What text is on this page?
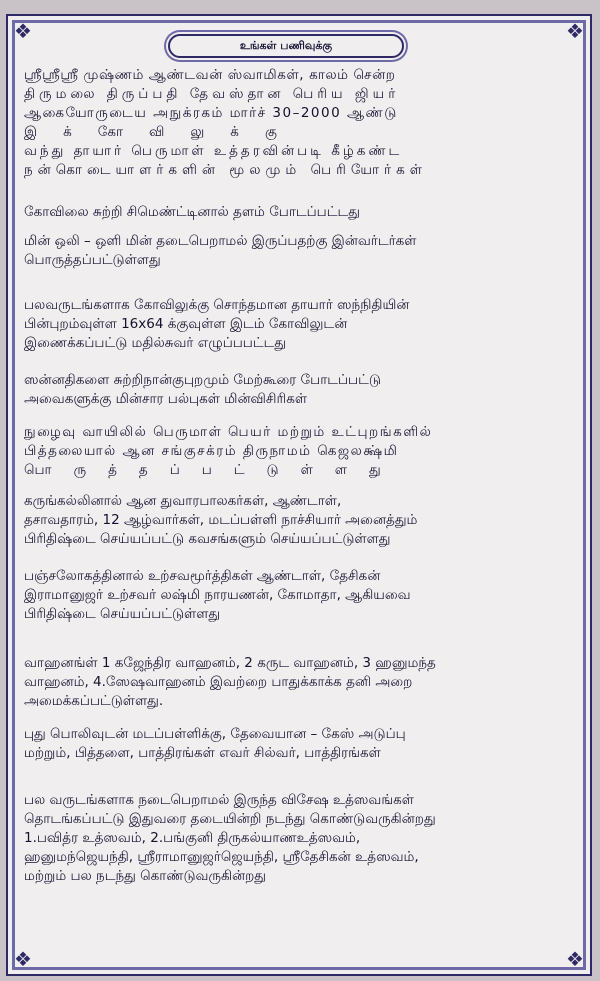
❖	❖
❖	❖
உங்கள் பணிவுக்கு
ஸ்ரீஸ்ரீஸ்ரீ முஷ்ணம் ஆண்டவன் ஸ்வாமிகள், காலம் சென்ற
திருமலை திருப்பதி தேவஸ்தான பெரிய ஜியர்
ஆகையோருடைய அநுக்ரகம் மார்ச் 30–2000 ஆண்டு
இக்கோவிலுக்கு
வந்து தாயார் பெருமாள் உத்தரவின்படி கீழ்கண்ட
நன்கொடையாளர்களின் மூலமும் பெரியோர்கள்
கோவிலை சுற்றி சிமெண்ட்டினால் தளம் போடப்பட்டது
மின் ஒலி – ஒளி மின் தடைபெறாமல் இருப்பதற்கு இன்வர்டர்கள்
பொருத்தப்பட்டுள்ளது
பலவருடங்களாக கோவிலுக்கு சொந்தமான தாயார் ஸந்நிதியின்
பின்புறம்வுள்ள 16x64 க்குவுள்ள இடம் கோவிலுடன்
இணைக்கப்பட்டு மதில்சுவர் எழுப்பபட்டது
ஸன்னதிகளை சுற்றிநான்குபுறமும் மேற்கூரை போடப்பட்டு
அவைகளுக்கு மின்சார பல்புகள் மின்விசிரிகள்
நுழைவு வாயிலில் பெருமாள் பெயர் மற்றும் உட்புறங்களில்
பித்தலையால் ஆன சங்குசக்ரம் திருநாமம் கெஜலக்ஷ்மி
பொருத்தப்பட்டுள்ளது
கருங்கல்லினால் ஆன துவாரபாலகர்கள், ஆண்டாள்,
தசாவதாரம், 12 ஆழ்வார்கள், மடப்பள்ளி நாச்சியார் அனைத்தும்
பிரிதிஷ்டை செய்யப்பட்டு கவசங்களும் செய்யப்பட்டுள்ளது
பஞ்சலோகத்தினால் உற்சவமூர்த்திகள் ஆண்டாள், தேசிகன்
இராமானுஜர் உற்சவர் லஷ்மி நாரயணன், கோமாதா, ஆகியவை
பிரிதிஷ்டை செய்யப்பட்டுள்ளது
வாஹனங்ள் 1 கஜேந்திர வாஹனம், 2 கருட வாஹனம், 3 ஹனுமந்த
வாஹனம், 4.ஸேஷவாஹனம் இவற்றை பாதுக்காக்க தனி அறை
அமைக்கப்பட்டுள்ளது.
புது பொலிவுடன் மடப்பள்ளிக்கு, தேவையான – கேஸ் அடுப்பு
மற்றும், பித்தளை, பாத்திரங்கள் எவர் சில்வர், பாத்திரங்கள்
பல வருடங்களாக நடைபெறாமல் இருந்த விசேஷ உத்ஸவங்கள்
தொடங்கப்பட்டு இதுவரை தடையின்றி நடந்து கொண்டுவருகின்றது
1.பவித்ர உத்ஸவம், 2.பங்குனி திருகல்யாணஉத்ஸவம்,
ஹனுமந்ஜெயந்தி, ஸ்ரீராமானுஜர்ஜெயந்தி, ஸ்ரீதேசிகன் உத்ஸவம்,
மற்றும் பல நடந்து கொண்டுவருகின்றது
